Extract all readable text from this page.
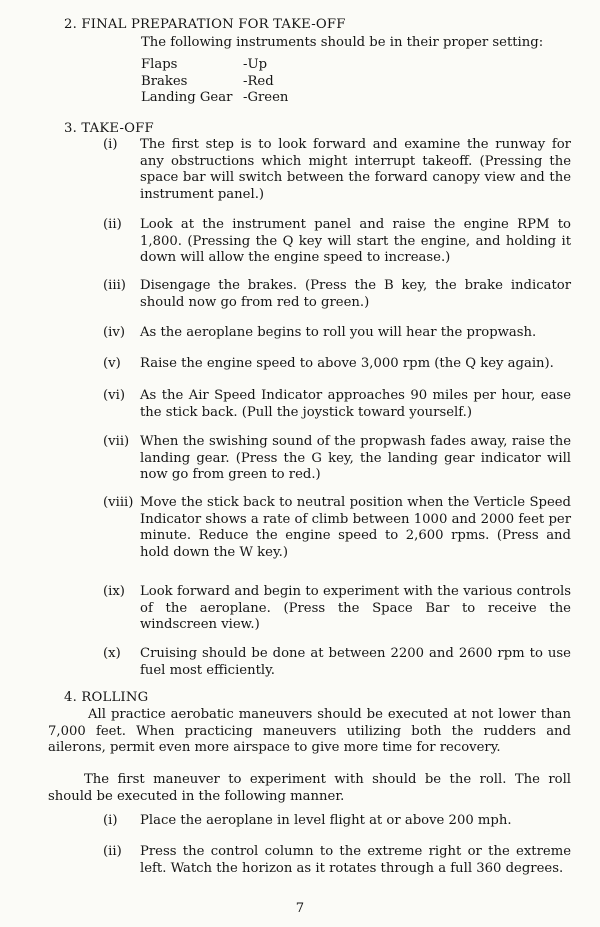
2. FINAL PREPARATION FOR TAKE-OFF
The following instruments should be in their proper setting:
Flaps	-Up
Brakes	-Red
Landing Gear -Green
3. TAKE-OFF
(i)	The first step is to look forward and examine the runway for any obstructions which might interrupt takeoff. (Pressing the space bar will switch between the forward canopy view and the instrument panel.)
(ii)	Look at the instrument panel and raise the engine RPM to 1,800. (Pressing the Q key will start the engine, and holding it down will allow the engine speed to increase.)
(iii)	Disengage the brakes. (Press the B key, the brake indicator should now go from red to green.)
(iv)	As the aeroplane begins to roll you will hear the propwash.
(v)	Raise the engine speed to above 3,000 rpm (the Q key again).
(vi)	As the Air Speed Indicator approaches 90 miles per hour, ease the stick back. (Pull the joystick toward yourself.)
(vii) When the swishing sound of the propwash fades away, raise the landing gear. (Press the G key, the landing gear indicator will now go from green to red.)
(viii) Move the stick back to neutral position when the Verticle Speed Indicator shows a rate of climb between 1000 and 2000 feet per minute. Reduce the engine speed to 2,600 rpms. (Press and hold down the W key.)
(ix)	Look forward and begin to experiment with the various controls of the aeroplane. (Press the Space Bar to receive the windscreen view.)
(x)	Cruising should be done at between 2200 and 2600 rpm to use fuel most efficiently.
4. ROLLING
All practice aerobatic maneuvers should be executed at not lower than 7,000 feet. When practicing maneuvers utilizing both the rudders and ailerons, permit even more airspace to give more time for recovery.
The first maneuver to experiment with should be the roll. The roll should be executed in the following manner.
(i)	Place the aeroplane in level flight at or above 200 mph.
(ii)	Press the control column to the extreme right or the extreme left. Watch the horizon as it rotates through a full 360 degrees.
7
